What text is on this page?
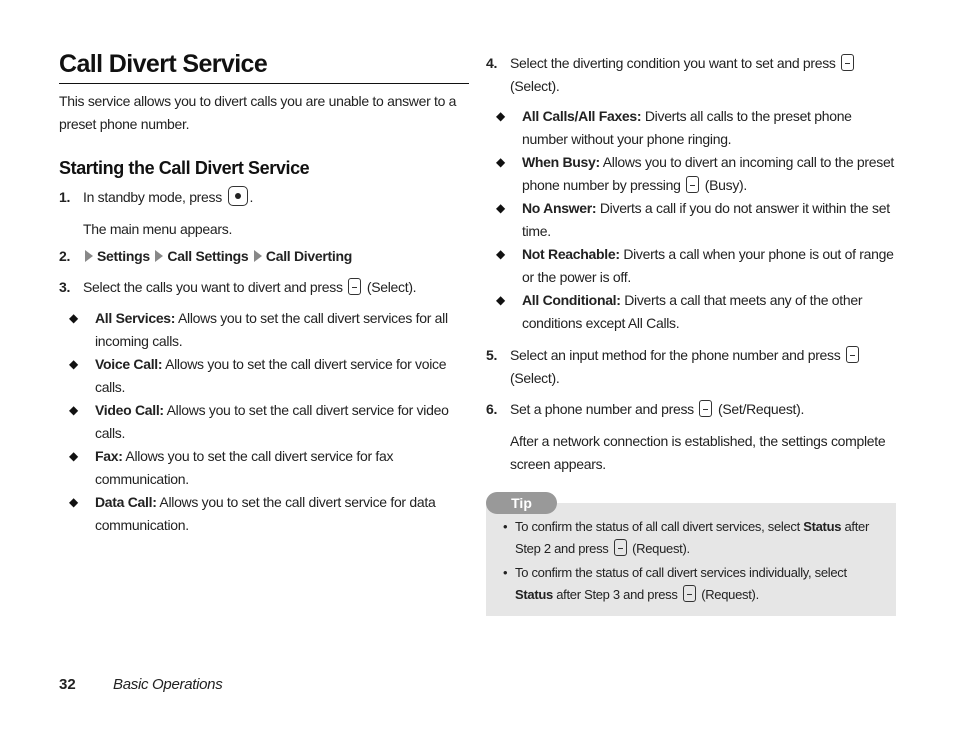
Call Divert Service

This service allows you to divert calls you are unable to answer to a preset phone number.

Starting the Call Divert Service
1. In standby mode, press .
The main menu appears.
2. Settings Call Settings Call Diverting
3. Select the calls you want to divert and press (Select).
◆ All Services: Allows you to set the call divert services for all incoming calls.
◆ Voice Call: Allows you to set the call divert service for voice calls.
◆ Video Call: Allows you to set the call divert service for video calls.
◆ Fax: Allows you to set the call divert service for fax communication.
◆ Data Call: Allows you to set the call divert service for data communication.
4. Select the diverting condition you want to set and press  (Select).
◆ All Calls/All Faxes: Diverts all calls to the preset phone number without your phone ringing.
◆ When Busy: Allows you to divert an incoming call to the preset phone number by pressing (Busy).
◆ No Answer: Diverts a call if you do not answer it within the set time.
◆ Not Reachable: Diverts a call when your phone is out of range or the power is off.
◆ All Conditional: Diverts a call that meets any of the other conditions except All Calls.
5. Select an input method for the phone number and press  (Select).
6. Set a phone number and press (Set/Request).
After a network connection is established, the settings complete screen appears.
Tip
• To confirm the status of all call divert services, select Status after Step 2 and press (Request).
• To confirm the status of call divert services individually, select Status after Step 3 and press (Request).
32 Basic Operations
